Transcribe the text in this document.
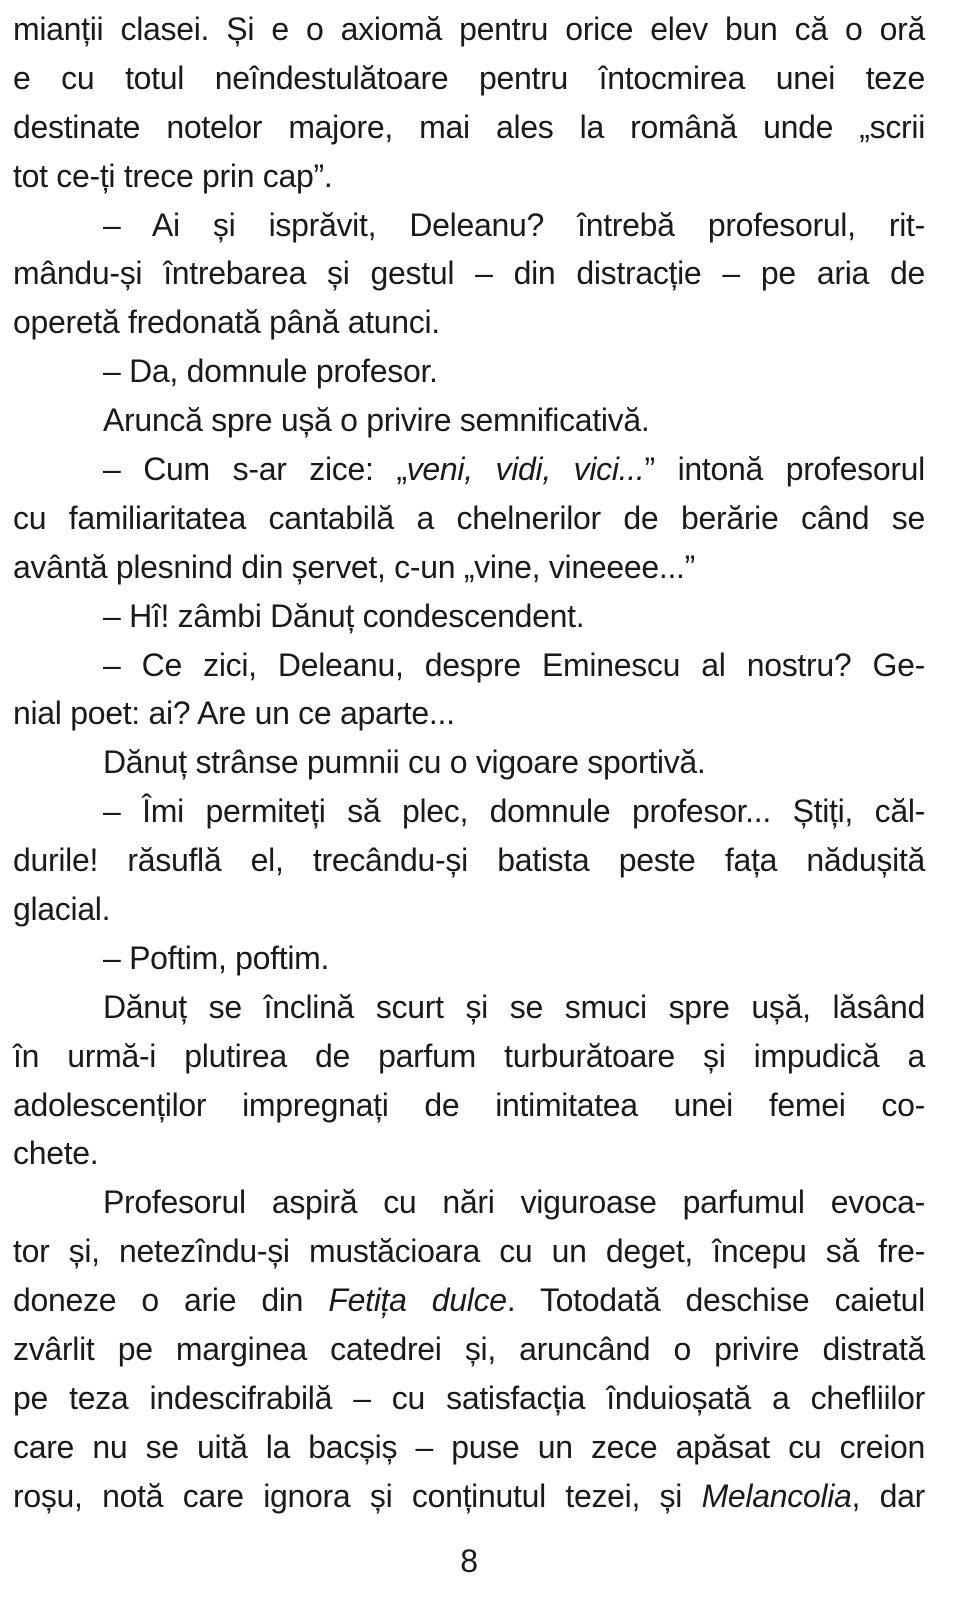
mianții clasei. Și e o axiomă pentru orice elev bun că o oră
e cu totul neîndestulătoare pentru întocmirea unei teze
destinate notelor majore, mai ales la română unde „scrii
tot ce-ți trece prin cap”.
– Ai și isprăvit, Deleanu? întrebă profesorul, rit-
mându-și întrebarea și gestul – din distracție – pe aria de
operetă fredonată până atunci.
– Da, domnule profesor.
Aruncă spre ușă o privire semnificativă.
– Cum s-ar zice: „veni, vidi, vici...” intonă profesorul
cu familiaritatea cantabilă a chelnerilor de berărie când se
avântă plesnind din șervet, c-un „vine, vineeee...”
– Hî! zâmbi Dănuț condescendent.
– Ce zici, Deleanu, despre Eminescu al nostru? Ge-
nial poet: ai? Are un ce aparte...
Dănuț strânse pumnii cu o vigoare sportivă.
– Îmi permiteți să plec, domnule profesor... Știți, căl-
durile! răsuflă el, trecându-și batista peste fața nădușită
glacial.
– Poftim, poftim.
Dănuț se înclină scurt și se smuci spre ușă, lăsând
în urmă-i plutirea de parfum turburătoare și impudică a
adolescenților impregnați de intimitatea unei femei co-
chete.
Profesorul aspiră cu nări viguroase parfumul evoca-
tor și, netezîndu-și mustăcioara cu un deget, începu să fre-
doneze o arie din Fetița dulce. Totodată deschise caietul
zvârlit pe marginea catedrei și, aruncând o privire distrată
pe teza indescifrabilă – cu satisfacția înduioșată a chefliilor
care nu se uită la bacșiș – puse un zece apăsat cu creion
roșu, notă care ignora și conținutul tezei, și Melancolia, dar
8
